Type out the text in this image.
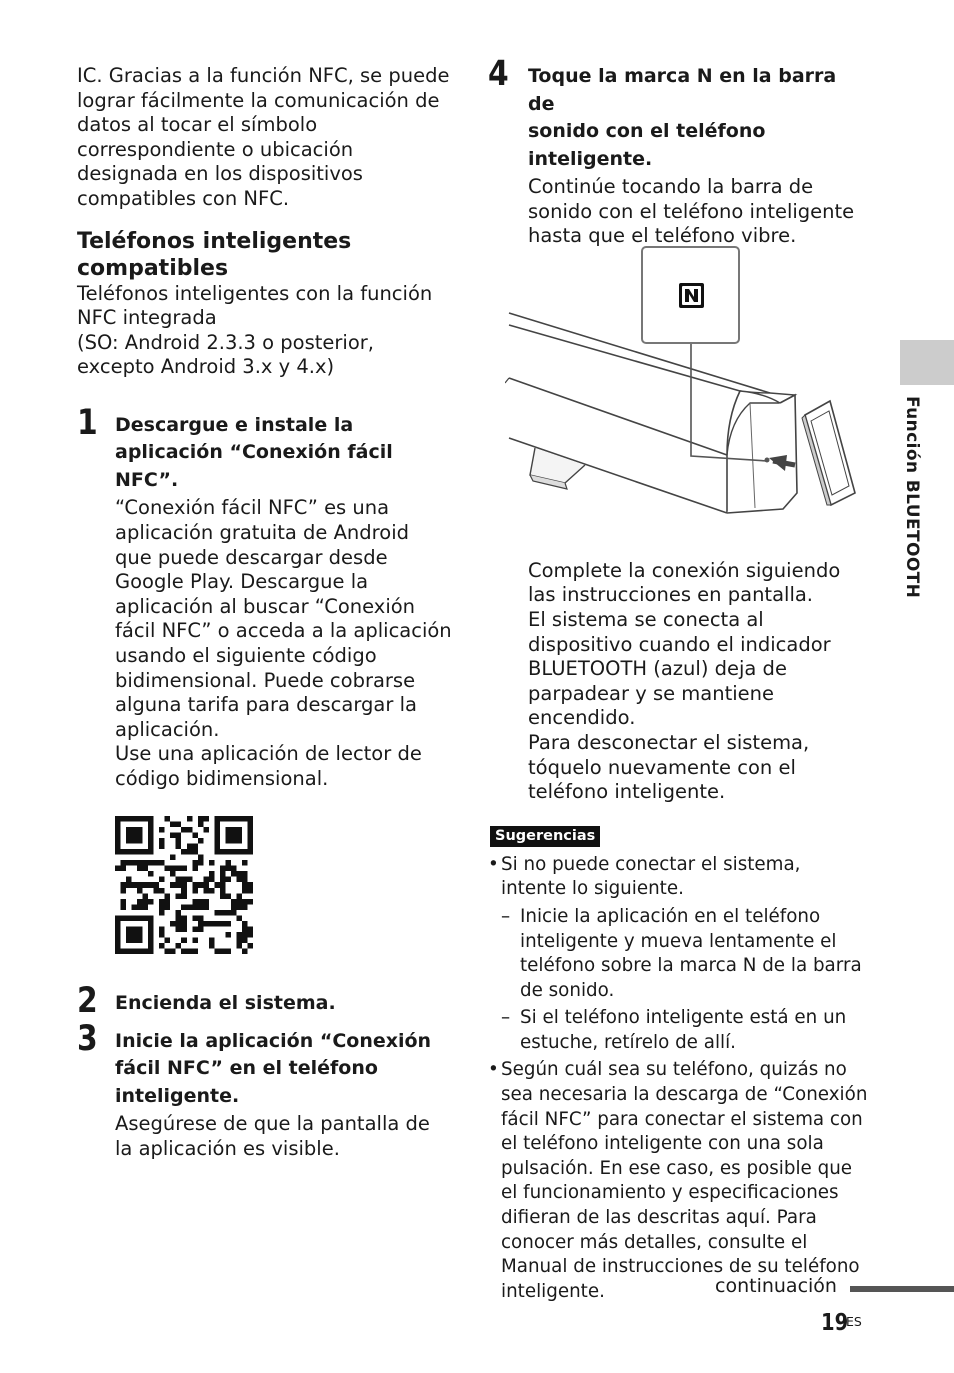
IC. Gracias a la función NFC, se puede
lograr fácilmente la comunicación de
datos al tocar el símbolo
correspondiente o ubicación
designada en los dispositivos
compatibles con NFC.
Teléfonos inteligentes
compatibles
Teléfonos inteligentes con la función
NFC integrada
(SO: Android 2.3.3 o posterior,
excepto Android 3.x y 4.x)
1 Descargue e instale la
aplicación “Conexión fácil NFC”.
“Conexión fácil NFC” es una
aplicación gratuita de Android
que puede descargar desde
Google Play. Descargue la
aplicación al buscar “Conexión
fácil NFC” o acceda a la aplicación
usando el siguiente código
bidimensional. Puede cobrarse
alguna tarifa para descargar la
aplicación.
Use una aplicación de lector de
código bidimensional.
2 Encienda el sistema.
3 Inicie la aplicación “Conexión
fácil NFC” en el teléfono
inteligente.
Asegúrese de que la pantalla de
la aplicación es visible.
4 Toque la marca N en la barra de
sonido con el teléfono
inteligente.
Continúe tocando la barra de
sonido con el teléfono inteligente
hasta que el teléfono vibre.
Complete la conexión siguiendo
las instrucciones en pantalla.
El sistema se conecta al
dispositivo cuando el indicador
BLUETOOTH (azul) deja de
parpadear y se mantiene
encendido.
Para desconectar el sistema,
tóquelo nuevamente con el
teléfono inteligente.
Sugerencias
• Si no puede conectar el sistema,
intente lo siguiente.
– Inicie la aplicación en el teléfono
inteligente y mueva lentamente el
teléfono sobre la marca N de la barra
de sonido.
– Si el teléfono inteligente está en un
estuche, retírelo de allí.
• Según cuál sea su teléfono, quizás no
sea necesaria la descarga de “Conexión
fácil NFC” para conectar el sistema con
el teléfono inteligente con una sola
pulsación. En ese caso, es posible que
el funcionamiento y especificaciones
difieran de las descritas aquí. Para
conocer más detalles, consulte el
Manual de instrucciones de su teléfono
inteligente.
Función BLUETOOTH
continuación
19
ES
